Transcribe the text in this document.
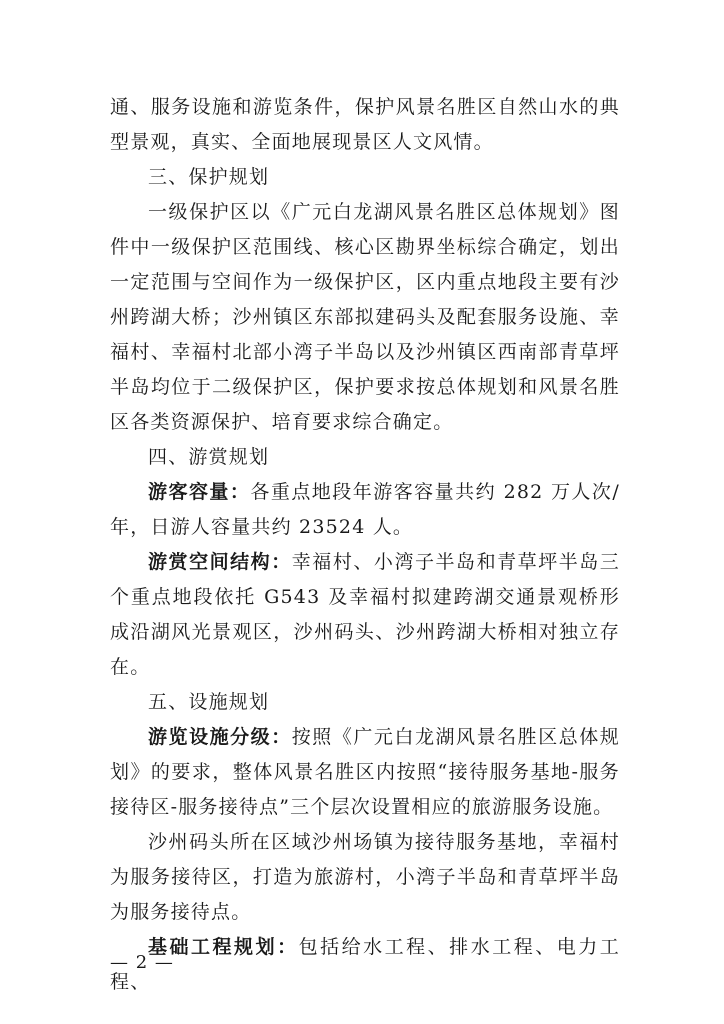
通、服务设施和游览条件，保护风景名胜区自然山水的典型景观，真实、全面地展现景区人文风情。

三、保护规划

一级保护区以《广元白龙湖风景名胜区总体规划》图件中一级保护区范围线、核心区勘界坐标综合确定，划出一定范围与空间作为一级保护区，区内重点地段主要有沙州跨湖大桥；沙州镇区东部拟建码头及配套服务设施、幸福村、幸福村北部小湾子半岛以及沙州镇区西南部青草坪半岛均位于二级保护区，保护要求按总体规划和风景名胜区各类资源保护、培育要求综合确定。

四、游赏规划

游客容量：各重点地段年游客容量共约 282 万人次/年，日游人容量共约 23524 人。

游赏空间结构：幸福村、小湾子半岛和青草坪半岛三个重点地段依托 G543 及幸福村拟建跨湖交通景观桥形成沿湖风光景观区，沙州码头、沙州跨湖大桥相对独立存在。

五、设施规划

游览设施分级：按照《广元白龙湖风景名胜区总体规划》的要求，整体风景名胜区内按照“接待服务基地-服务接待区-服务接待点”三个层次设置相应的旅游服务设施。

沙州码头所在区域沙州场镇为接待服务基地，幸福村为服务接待区，打造为旅游村，小湾子半岛和青草坪半岛为服务接待点。

基础工程规划：包括给水工程、排水工程、电力工程、

— 2 —
